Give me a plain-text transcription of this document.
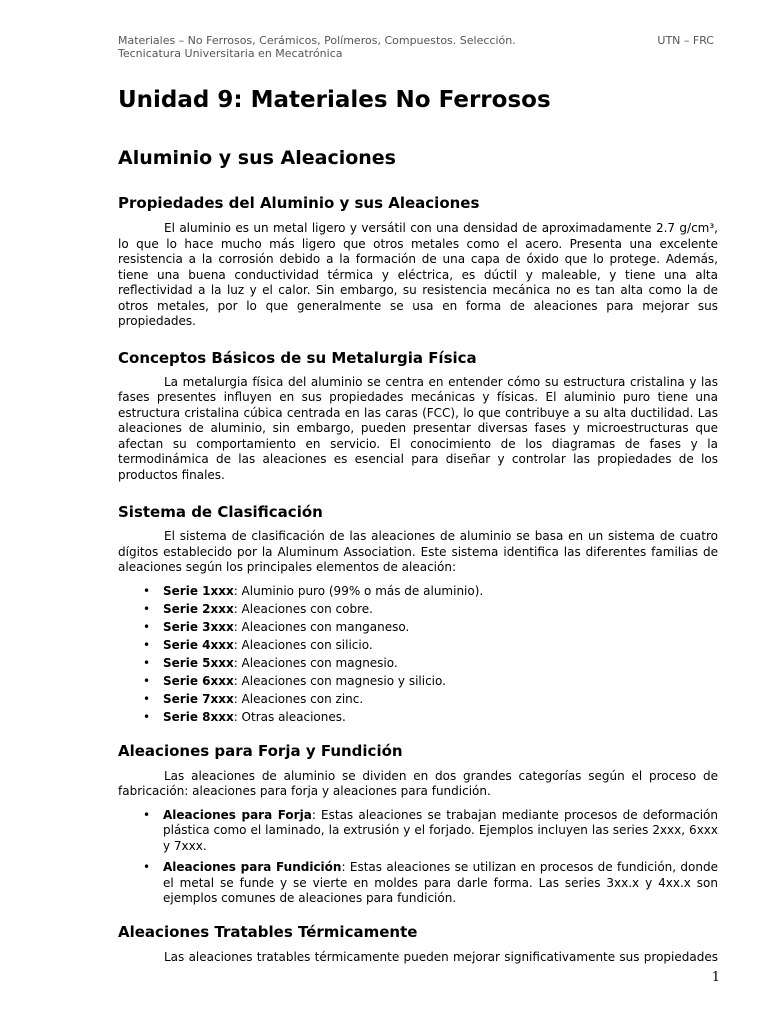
Materiales – No Ferrosos, Cerámicos, Polímeros, Compuestos. Selección.
Tecnicatura Universitaria en Mecatrónica
UTN – FRC
Unidad 9: Materiales No Ferrosos
Aluminio y sus Aleaciones
Propiedades del Aluminio y sus Aleaciones

El aluminio es un metal ligero y versátil con una densidad de aproximadamente 2.7 g/cm³, lo que lo hace mucho más ligero que otros metales como el acero. Presenta una excelente resistencia a la corrosión debido a la formación de una capa de óxido que lo protege. Además, tiene una buena conductividad térmica y eléctrica, es dúctil y maleable, y tiene una alta reflectividad a la luz y el calor. Sin embargo, su resistencia mecánica no es tan alta como la de otros metales, por lo que generalmente se usa en forma de aleaciones para mejorar sus propiedades.

Conceptos Básicos de su Metalurgia Física

La metalurgia física del aluminio se centra en entender cómo su estructura cristalina y las fases presentes influyen en sus propiedades mecánicas y físicas. El aluminio puro tiene una estructura cristalina cúbica centrada en las caras (FCC), lo que contribuye a su alta ductilidad. Las aleaciones de aluminio, sin embargo, pueden presentar diversas fases y microestructuras que afectan su comportamiento en servicio. El conocimiento de los diagramas de fases y la termodinámica de las aleaciones es esencial para diseñar y controlar las propiedades de los productos finales.

Sistema de Clasificación

El sistema de clasificación de las aleaciones de aluminio se basa en un sistema de cuatro dígitos establecido por la Aluminum Association. Este sistema identifica las diferentes familias de aleaciones según los principales elementos de aleación:

• Serie 1xxx: Aluminio puro (99% o más de aluminio).
• Serie 2xxx: Aleaciones con cobre.
• Serie 3xxx: Aleaciones con manganeso.
• Serie 4xxx: Aleaciones con silicio.
• Serie 5xxx: Aleaciones con magnesio.
• Serie 6xxx: Aleaciones con magnesio y silicio.
• Serie 7xxx: Aleaciones con zinc.
• Serie 8xxx: Otras aleaciones.
Aleaciones para Forja y Fundición

Las aleaciones de aluminio se dividen en dos grandes categorías según el proceso de fabricación: aleaciones para forja y aleaciones para fundición.

• Aleaciones para Forja: Estas aleaciones se trabajan mediante procesos de deformación plástica como el laminado, la extrusión y el forjado. Ejemplos incluyen las series 2xxx, 6xxx y 7xxx.
• Aleaciones para Fundición: Estas aleaciones se utilizan en procesos de fundición, donde el metal se funde y se vierte en moldes para darle forma. Las series 3xx.x y 4xx.x son ejemplos comunes de aleaciones para fundición.
Aleaciones Tratables Térmicamente

Las aleaciones tratables térmicamente pueden mejorar significativamente sus propiedades

1
